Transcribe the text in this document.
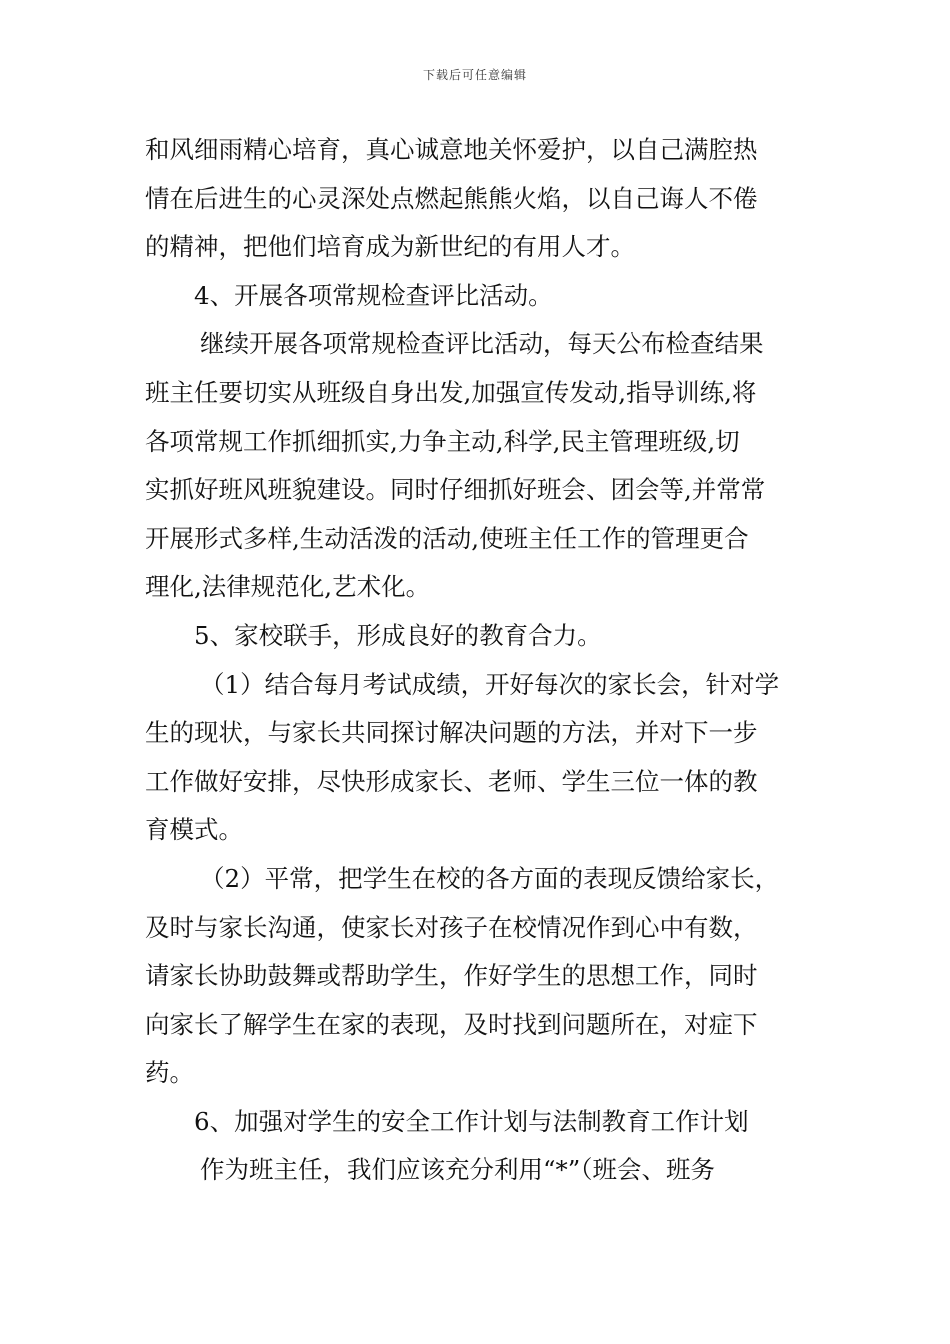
下载后可任意编辑
和风细雨精心培育，真心诚意地关怀爱护，以自己满腔热
情在后进生的心灵深处点燃起熊熊火焰，以自己诲人不倦
的精神，把他们培育成为新世纪的有用人才。
4、开展各项常规检查评比活动。
继续开展各项常规检查评比活动，每天公布检查结果
班主任要切实从班级自身出发,加强宣传发动,指导训练,将
各项常规工作抓细抓实,力争主动,科学,民主管理班级,切
实抓好班风班貌建设。同时仔细抓好班会、团会等,并常常
开展形式多样,生动活泼的活动,使班主任工作的管理更合
理化,法律规范化,艺术化。
5、家校联手，形成良好的教育合力。
（1）结合每月考试成绩，开好每次的家长会，针对学
生的现状，与家长共同探讨解决问题的方法，并对下一步
工作做好安排，尽快形成家长、老师、学生三位一体的教
育模式。
（2）平常，把学生在校的各方面的表现反馈给家长，
及时与家长沟通，使家长对孩子在校情况作到心中有数，
请家长协助鼓舞或帮助学生，作好学生的思想工作，同时
向家长了解学生在家的表现，及时找到问题所在，对症下
药。
6、加强对学生的安全工作计划与法制教育工作计划
作为班主任，我们应该充分利用“*”（班会、班务
